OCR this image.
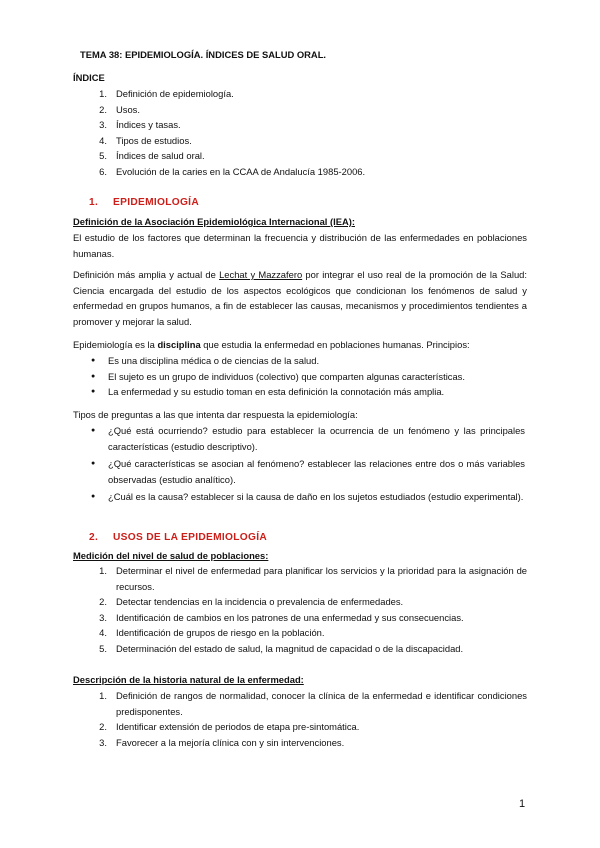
TEMA 38: EPIDEMIOLOGÍA. ÍNDICES DE SALUD ORAL.
ÍNDICE
1. Definición de epidemiología.
2. Usos.
3. Índices y tasas.
4. Tipos de estudios.
5. Índices de salud oral.
6. Evolución de la caries en la CCAA de Andalucía 1985-2006.
1. EPIDEMIOLOGÍA
Definición de la Asociación Epidemiológica Internacional (IEA):
El estudio de los factores que determinan la frecuencia y distribución de las enfermedades en poblaciones humanas.
Definición más amplia y actual de Lechat y Mazzafero por integrar el uso real de la promoción de la Salud: Ciencia encargada del estudio de los aspectos ecológicos que condicionan los fenómenos de salud y enfermedad en grupos humanos, a fin de establecer las causas, mecanismos y procedimientos tendientes a promover y mejorar la salud.
Epidemiología es la disciplina que estudia la enfermedad en poblaciones humanas. Principios:
●	Es una disciplina médica o de ciencias de la salud.
●	El sujeto es un grupo de individuos (colectivo) que comparten algunas características.
●	La enfermedad y su estudio toman en esta definición la connotación más amplia.
Tipos de preguntas a las que intenta dar respuesta la epidemiología:
●	¿Qué está ocurriendo? estudio para establecer la ocurrencia de un fenómeno y las principales características (estudio descriptivo).
●	¿Qué características se asocian al fenómeno? establecer las relaciones entre dos o más variables observadas (estudio analítico).
●	¿Cuál es la causa? establecer si la causa de daño en los sujetos estudiados (estudio experimental).
2. USOS DE LA EPIDEMIOLOGÍA
Medición del nivel de salud de poblaciones:
1. Determinar el nivel de enfermedad para planificar los servicios y la prioridad para la asignación de recursos.
2. Detectar tendencias en la incidencia o prevalencia de enfermedades.
3. Identificación de cambios en los patrones de una enfermedad y sus consecuencias.
4. Identificación de grupos de riesgo en la población.
5. Determinación del estado de salud, la magnitud de capacidad o de la discapacidad.
Descripción de la historia natural de la enfermedad:
1. Definición de rangos de normalidad, conocer la clínica de la enfermedad e identificar condiciones predisponentes.
2. Identificar extensión de periodos de etapa pre-sintomática.
3. Favorecer a la mejoría clínica con y sin intervenciones.
1
